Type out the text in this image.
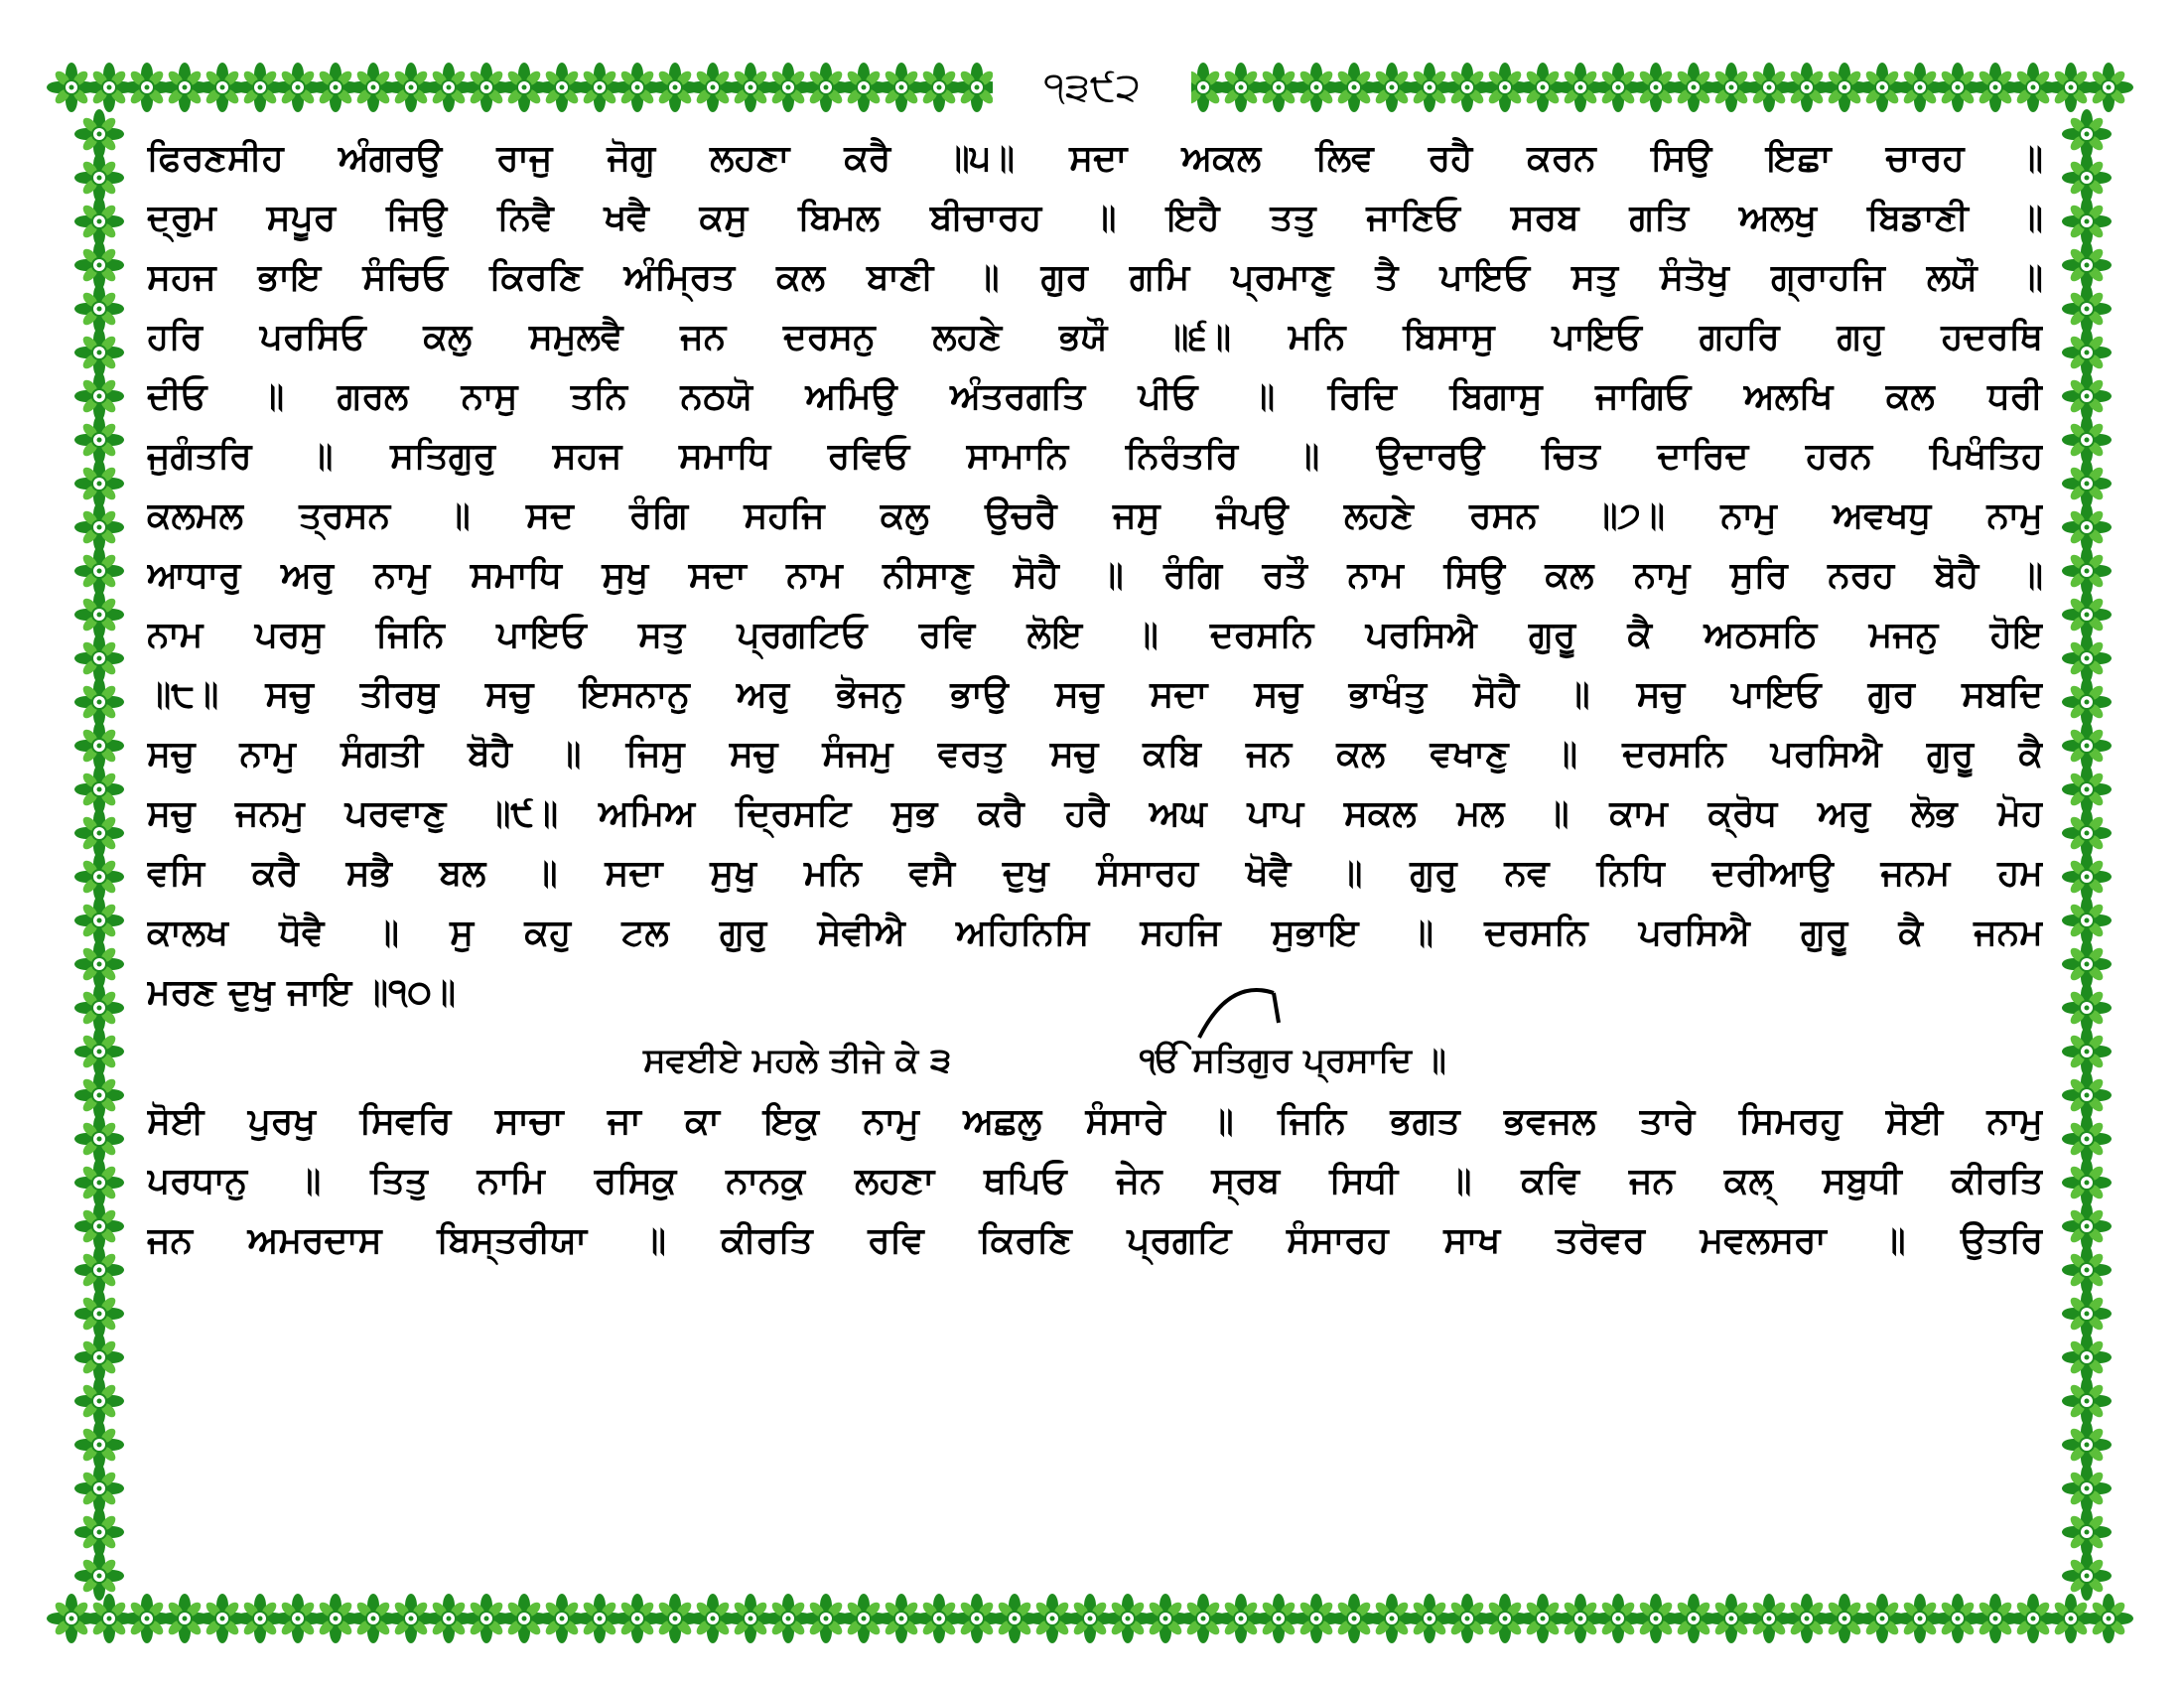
੧੩੯੨
ਫਿਰਣਸੀਹ ਅੰਗਰਉ ਰਾਜੁ ਜੋਗੁ ਲਹਣਾ ਕਰੈ ॥੫॥ ਸਦਾ ਅਕਲ ਲਿਵ ਰਹੈ ਕਰਨ ਸਿਉ ਇਛਾ ਚਾਰਹ ॥
ਦ੍ਰੁਮ ਸਪੂਰ ਜਿਉ ਨਿਵੈ ਖਵੈ ਕਸੁ ਬਿਮਲ ਬੀਚਾਰਹ ॥ ਇਹੈ ਤਤੁ ਜਾਣਿਓ ਸਰਬ ਗਤਿ ਅਲਖੁ ਬਿਡਾਣੀ ॥
ਸਹਜ ਭਾਇ ਸੰਚਿਓ ਕਿਰਣਿ ਅੰਮ੍ਰਿਤ ਕਲ ਬਾਣੀ ॥ ਗੁਰ ਗਮਿ ਪ੍ਰਮਾਣੁ ਤੈ ਪਾਇਓ ਸਤੁ ਸੰਤੋਖੁ ਗ੍ਰਾਹਜਿ ਲਯੌ ॥
ਹਰਿ ਪਰਸਿਓ ਕਲੁ ਸਮੁਲਵੈ ਜਨ ਦਰਸਨੁ ਲਹਣੇ ਭਯੌ ॥੬॥ ਮਨਿ ਬਿਸਾਸੁ ਪਾਇਓ ਗਹਰਿ ਗਹੁ ਹਦਰਥਿ
ਦੀਓ ॥ ਗਰਲ ਨਾਸੁ ਤਨਿ ਨਠਯੋ ਅਮਿਉ ਅੰਤਰਗਤਿ ਪੀਓ ॥ ਰਿਦਿ ਬਿਗਾਸੁ ਜਾਗਿਓ ਅਲਖਿ ਕਲ ਧਰੀ
ਜੁਗੰਤਰਿ ॥ ਸਤਿਗੁਰੁ ਸਹਜ ਸਮਾਧਿ ਰਵਿਓ ਸਾਮਾਨਿ ਨਿਰੰਤਰਿ ॥ ਉਦਾਰਉ ਚਿਤ ਦਾਰਿਦ ਹਰਨ ਪਿਖੰਤਿਹ
ਕਲਮਲ ਤ੍ਰਸਨ ॥ ਸਦ ਰੰਗਿ ਸਹਜਿ ਕਲੁ ਉਚਰੈ ਜਸੁ ਜੰਪਉ ਲਹਣੇ ਰਸਨ ॥੭॥ ਨਾਮੁ ਅਵਖਧੁ ਨਾਮੁ
ਆਧਾਰੁ ਅਰੁ ਨਾਮੁ ਸਮਾਧਿ ਸੁਖੁ ਸਦਾ ਨਾਮ ਨੀਸਾਣੁ ਸੋਹੈ ॥ ਰੰਗਿ ਰਤੌ ਨਾਮ ਸਿਉ ਕਲ ਨਾਮੁ ਸੁਰਿ ਨਰਹ ਬੋਹੈ ॥
ਨਾਮ ਪਰਸੁ ਜਿਨਿ ਪਾਇਓ ਸਤੁ ਪ੍ਰਗਟਿਓ ਰਵਿ ਲੋਇ ॥ ਦਰਸਨਿ ਪਰਸਿਐ ਗੁਰੂ ਕੈ ਅਠਸਠਿ ਮਜਨੁ ਹੋਇ
॥੮॥ ਸਚੁ ਤੀਰਥੁ ਸਚੁ ਇਸਨਾਨੁ ਅਰੁ ਭੋਜਨੁ ਭਾਉ ਸਚੁ ਸਦਾ ਸਚੁ ਭਾਖੰਤੁ ਸੋਹੈ ॥ ਸਚੁ ਪਾਇਓ ਗੁਰ ਸਬਦਿ
ਸਚੁ ਨਾਮੁ ਸੰਗਤੀ ਬੋਹੈ ॥ ਜਿਸੁ ਸਚੁ ਸੰਜਮੁ ਵਰਤੁ ਸਚੁ ਕਬਿ ਜਨ ਕਲ ਵਖਾਣੁ ॥ ਦਰਸਨਿ ਪਰਸਿਐ ਗੁਰੂ ਕੈ
ਸਚੁ ਜਨਮੁ ਪਰਵਾਣੁ ॥੯॥ ਅਮਿਅ ਦ੍ਰਿਸਟਿ ਸੁਭ ਕਰੈ ਹਰੈ ਅਘ ਪਾਪ ਸਕਲ ਮਲ ॥ ਕਾਮ ਕ੍ਰੋਧ ਅਰੁ ਲੋਭ ਮੋਹ
ਵਸਿ ਕਰੈ ਸਭੈ ਬਲ ॥ ਸਦਾ ਸੁਖੁ ਮਨਿ ਵਸੈ ਦੁਖੁ ਸੰਸਾਰਹ ਖੋਵੈ ॥ ਗੁਰੁ ਨਵ ਨਿਧਿ ਦਰੀਆਉ ਜਨਮ ਹਮ
ਕਾਲਖ ਧੋਵੈ ॥ ਸੁ ਕਹੁ ਟਲ ਗੁਰੁ ਸੇਵੀਐ ਅਹਿਨਿਸਿ ਸਹਜਿ ਸੁਭਾਇ ॥ ਦਰਸਨਿ ਪਰਸਿਐ ਗੁਰੂ ਕੈ ਜਨਮ
ਮਰਣ ਦੁਖੁ ਜਾਇ ॥੧੦॥
ਸਵਈਏ ਮਹਲੇ ਤੀਜੇ ਕੇ ੩	ੴ ਸਤਿਗੁਰ ਪ੍ਰਸਾਦਿ ॥
ਸੋਈ ਪੁਰਖੁ ਸਿਵਰਿ ਸਾਚਾ ਜਾ ਕਾ ਇਕੁ ਨਾਮੁ ਅਛਲੁ ਸੰਸਾਰੇ ॥ ਜਿਨਿ ਭਗਤ ਭਵਜਲ ਤਾਰੇ ਸਿਮਰਹੁ ਸੋਈ ਨਾਮੁ
ਪਰਧਾਨੁ ॥ ਤਿਤੁ ਨਾਮਿ ਰਸਿਕੁ ਨਾਨਕੁ ਲਹਣਾ ਥਪਿਓ ਜੇਨ ਸ੍ਰਬ ਸਿਧੀ ॥ ਕਵਿ ਜਨ ਕਲ੍ ਸਬੁਧੀ ਕੀਰਤਿ
ਜਨ ਅਮਰਦਾਸ ਬਿਸ੍ਤਰੀਯਾ ॥ ਕੀਰਤਿ ਰਵਿ ਕਿਰਣਿ ਪ੍ਰਗਟਿ ਸੰਸਾਰਹ ਸਾਖ ਤਰੋਵਰ ਮਵਲਸਰਾ ॥ ਉਤਰਿ
